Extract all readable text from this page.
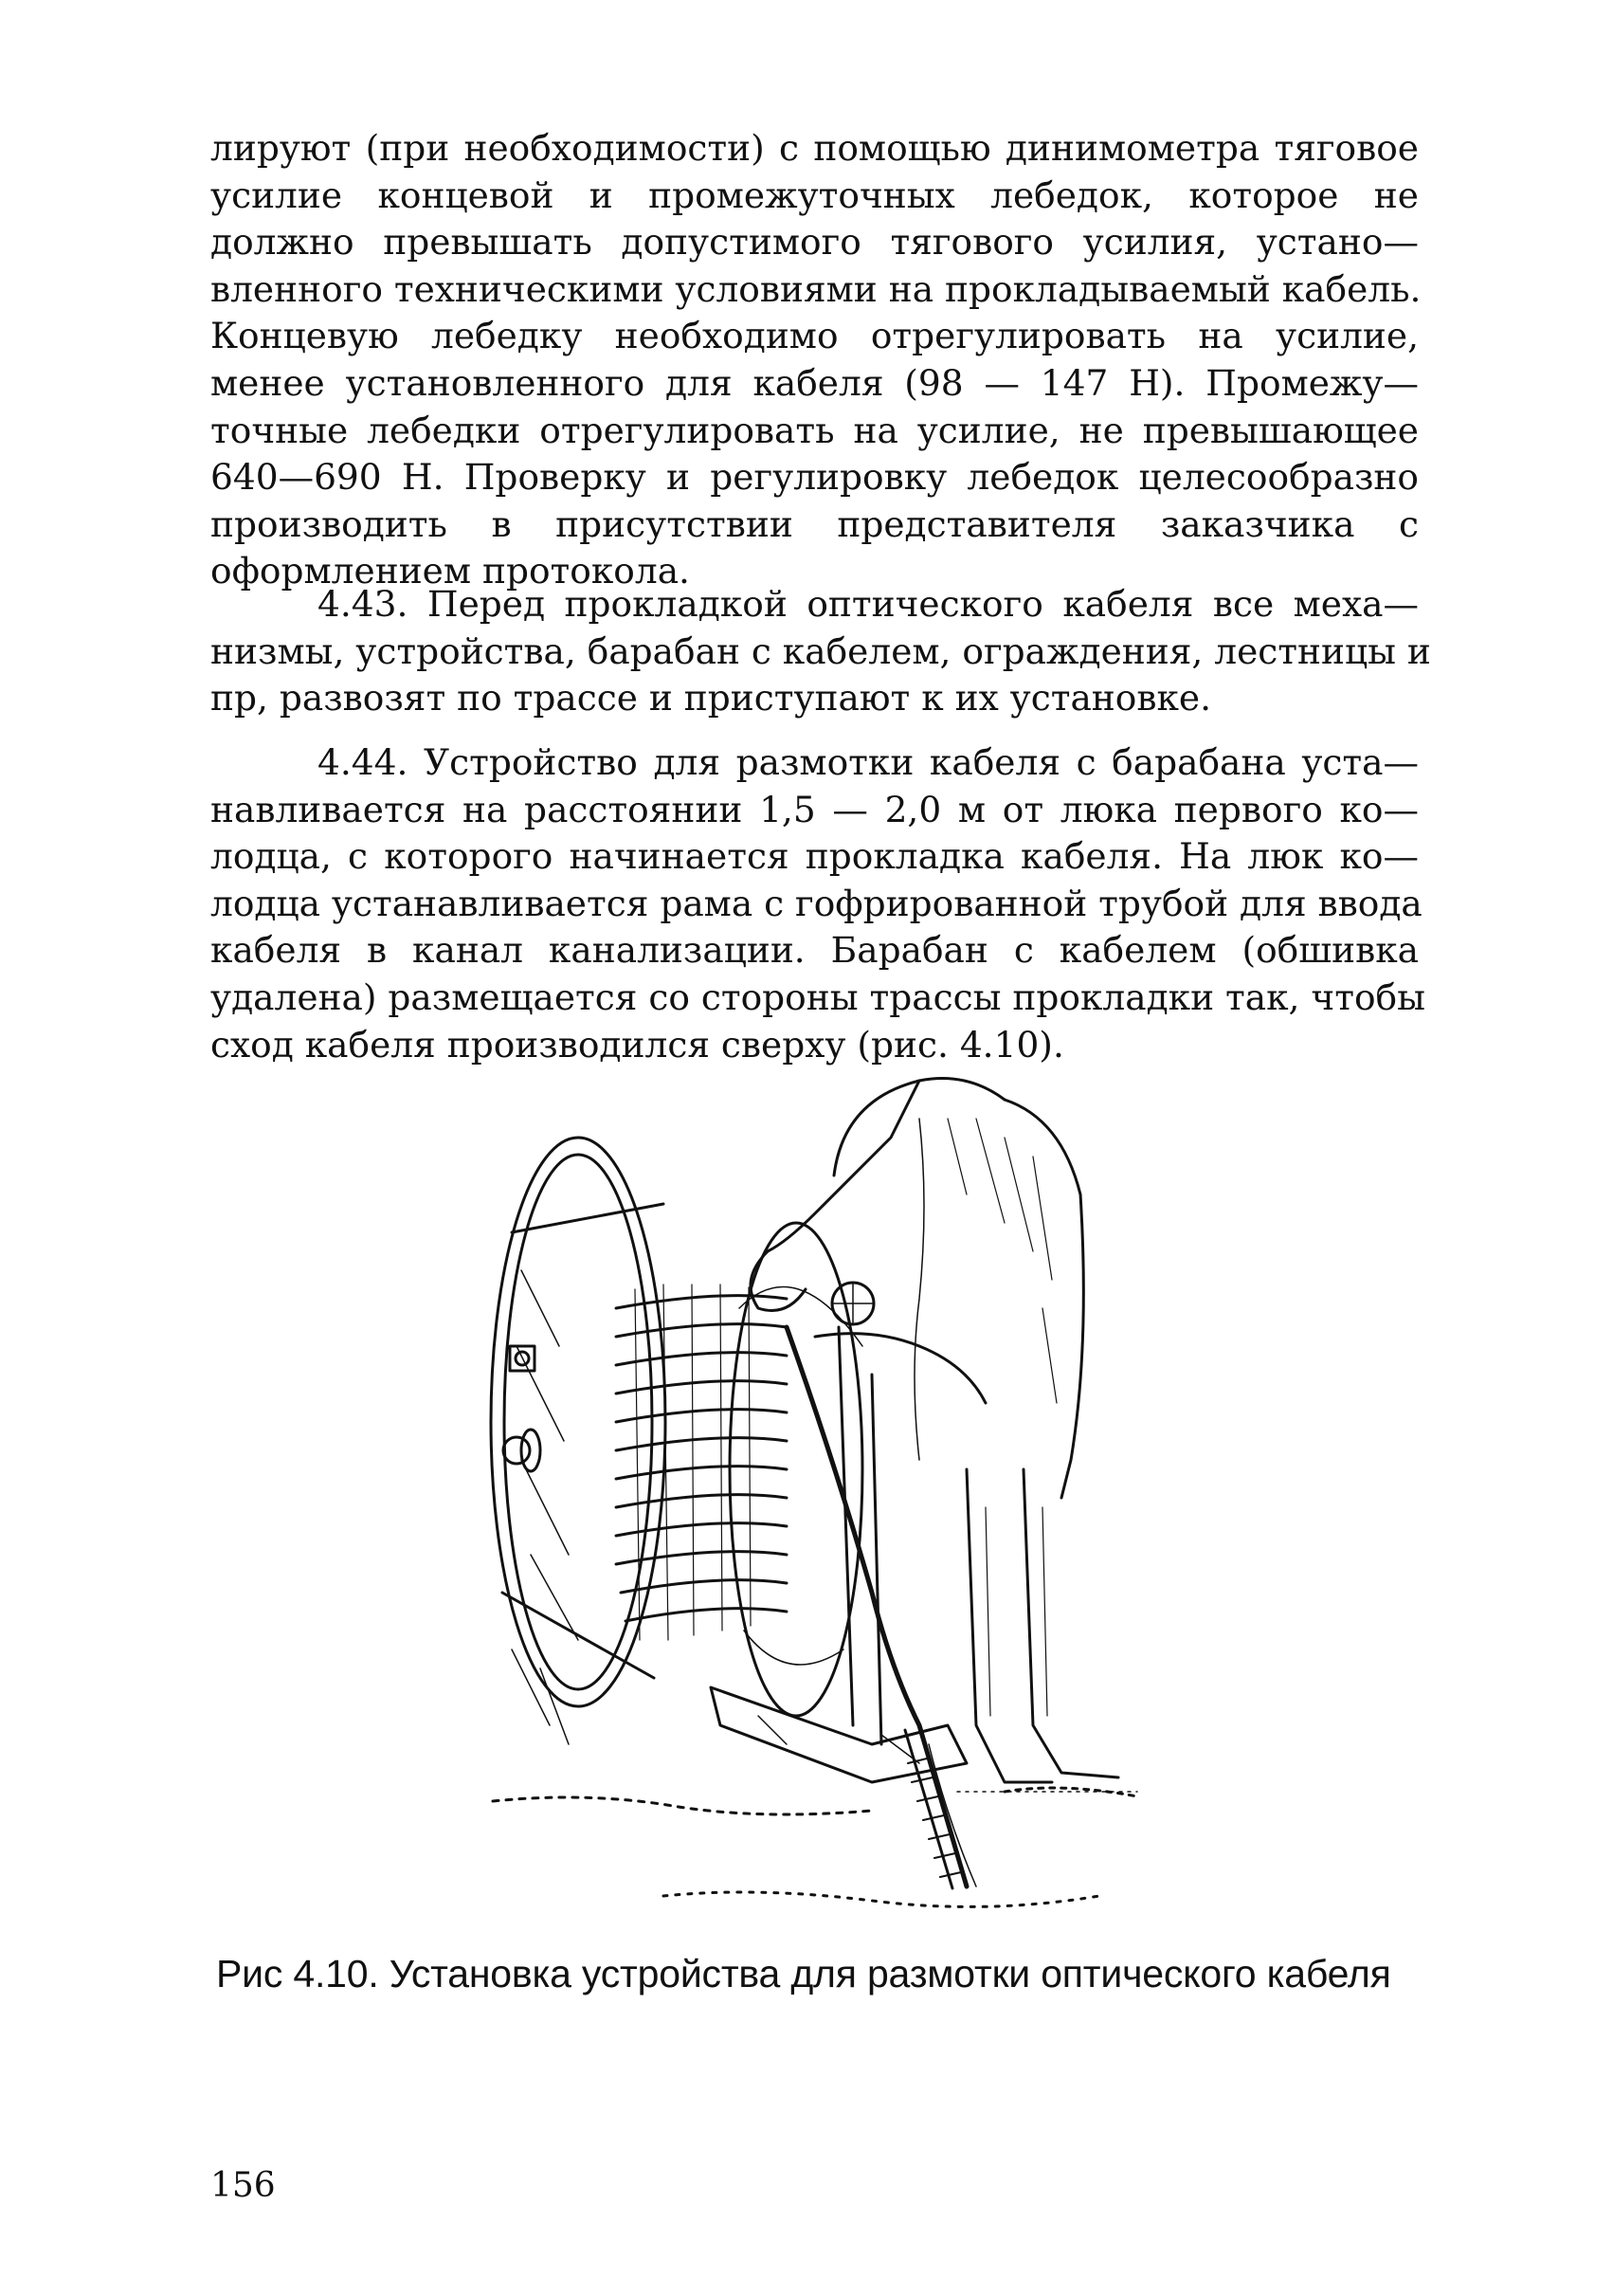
лируют (при необходимости) с помощью динимометра тяговое
усилие концевой и промежуточных лебедок, которое не
должно превышать допустимого тягового усилия, устано—
вленного техническими условиями на прокладываемый кабель.
Концевую лебедку необходимо отрегулировать на усилие,
менее установленного для кабеля (98 — 147 Н). Промежу—
точные лебедки отрегулировать на усилие, не превышающее
640—690 Н. Проверку и регулировку лебедок целесообразно
производить в присутствии представителя заказчика с
оформлением протокола.
4.43. Перед прокладкой оптического кабеля все меха—
низмы, устройства, барабан с кабелем, ограждения, лестницы и
пр, развозят по трассе и приступают к их установке.
4.44. Устройство для размотки кабеля с барабана уста—
навливается на расстоянии 1,5 — 2,0 м от люка первого ко—
лодца, с которого начинается прокладка кабеля. На люк ко—
лодца устанавливается рама с гофрированной трубой для ввода
кабеля в канал канализации. Барабан с кабелем (обшивка
удалена) размещается со стороны трассы прокладки так, чтобы
сход кабеля производился сверху (рис. 4.10).
Рис 4.10. Установка устройства для размотки оптического кабеля
156
